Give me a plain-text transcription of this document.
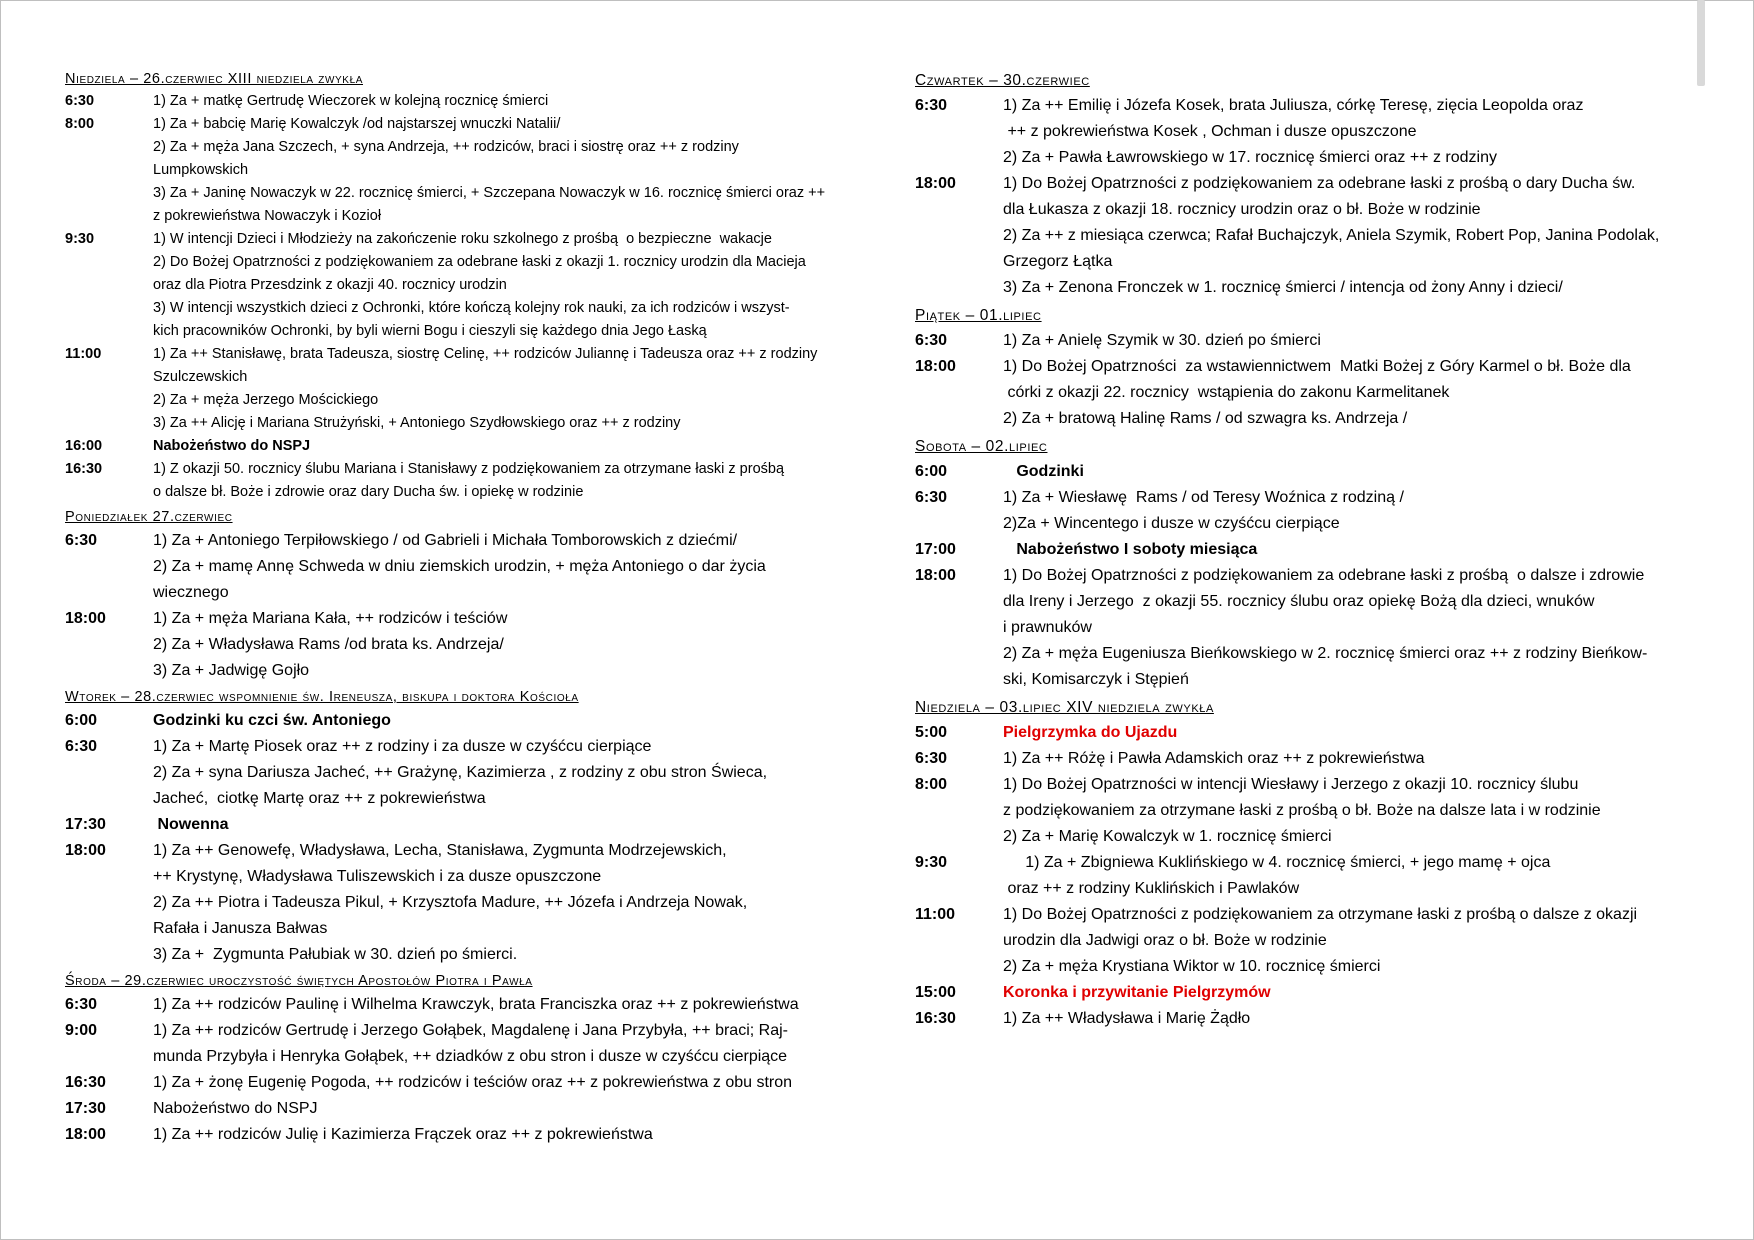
Niedziela – 26.czerwiec XIII niedziela zwykła
6:30	1) Za + matkę Gertrudę Wieczorek w kolejną rocznicę śmierci
8:00	1) Za + babcię Marię Kowalczyk /od najstarszej wnuczki Natalii/
2) Za + męża Jana Szczech, + syna Andrzeja, ++ rodziców, braci i siostrę oraz ++ z rodziny
Lumpkowskich
3) Za + Janinę Nowaczyk w 22. rocznicę śmierci, + Szczepana Nowaczyk w 16. rocznicę śmierci oraz ++
z pokrewieństwa Nowaczyk i Kozioł
9:30	1) W intencji Dzieci i Młodzieży na zakończenie roku szkolnego z prośbą  o bezpieczne  wakacje
2) Do Bożej Opatrzności z podziękowaniem za odebrane łaski z okazji 1. rocznicy urodzin dla Macieja
oraz dla Piotra Przesdzink z okazji 40. rocznicy urodzin
3) W intencji wszystkich dzieci z Ochronki, które kończą kolejny rok nauki, za ich rodziców i wszyst-
kich pracowników Ochronki, by byli wierni Bogu i cieszyli się każdego dnia Jego Łaską
11:00	1) Za ++ Stanisławę, brata Tadeusza, siostrę Celinę, ++ rodziców Juliannę i Tadeusza oraz ++ z rodziny
Szulczewskich
2) Za + męża Jerzego Mościckiego
3) Za ++ Alicję i Mariana Strużyński, + Antoniego Szydłowskiego oraz ++ z rodziny
16:00	Nabożeństwo do NSPJ
16:30	1) Z okazji 50. rocznicy ślubu Mariana i Stanisławy z podziękowaniem za otrzymane łaski z prośbą
o dalsze bł. Boże i zdrowie oraz dary Ducha św. i opiekę w rodzinie
Poniedziałek 27.czerwiec
6:30	1) Za + Antoniego Terpiłowskiego / od Gabrieli i Michała Tomborowskich z dziećmi/
2) Za + mamę Annę Schweda w dniu ziemskich urodzin, + męża Antoniego o dar życia
wiecznego
18:00	1) Za + męża Mariana Kała, ++ rodziców i teściów
2) Za + Władysława Rams /od brata ks. Andrzeja/
3) Za + Jadwigę Gojło
Wtorek – 28.czerwiec wspomnienie św. Ireneusza, biskupa i doktora Kościoła
6:00	Godzinki ku czci św. Antoniego
6:30	1) Za + Martę Piosek oraz ++ z rodziny i za dusze w czyśćcu cierpiące
2) Za + syna Dariusza Jacheć, ++ Grażynę, Kazimierza , z rodziny z obu stron Świeca,
Jacheć,  ciotkę Martę oraz ++ z pokrewieństwa
17:30	Nowenna
18:00	1) Za ++ Genowefę, Władysława, Lecha, Stanisława, Zygmunta Modrzejewskich,
++ Krystynę, Władysława Tuliszewskich i za dusze opuszczone
2) Za ++ Piotra i Tadeusza Pikul, + Krzysztofa Madure, ++ Józefa i Andrzeja Nowak,
Rafała i Janusza Bałwas
3) Za +  Zygmunta Pałubiak w 30. dzień po śmierci.
Środa – 29.czerwiec uroczystość świętych Apostołów Piotra i Pawła
6:30	1) Za ++ rodziców Paulinę i Wilhelma Krawczyk, brata Franciszka oraz ++ z pokrewieństwa
9:00	1) Za ++ rodziców Gertrudę i Jerzego Gołąbek, Magdalenę i Jana Przybyła, ++ braci; Raj-
munda Przybyła i Henryka Gołąbek, ++ dziadków z obu stron i dusze w czyśćcu cierpiące
16:30	1) Za + żonę Eugenię Pogoda, ++ rodziców i teściów oraz ++ z pokrewieństwa z obu stron
17:30	Nabożeństwo do NSPJ
18:00	1) Za ++ rodziców Julię i Kazimierza Frączek oraz ++ z pokrewieństwa
Czwartek – 30.czerwiec
6:30	1) Za ++ Emilię i Józefa Kosek, brata Juliusza, córkę Teresę, zięcia Leopolda oraz
++ z pokrewieństwa Kosek , Ochman i dusze opuszczone
2) Za + Pawła Ławrowskiego w 17. rocznicę śmierci oraz ++ z rodziny
18:00	1) Do Bożej Opatrzności z podziękowaniem za odebrane łaski z prośbą o dary Ducha św.
dla Łukasza z okazji 18. rocznicy urodzin oraz o bł. Boże w rodzinie
2) Za ++ z miesiąca czerwca; Rafał Buchajczyk, Aniela Szymik, Robert Pop, Janina Podolak,
Grzegorz Łątka
3) Za + Zenona Fronczek w 1. rocznicę śmierci / intencja od żony Anny i dzieci/
Piątek – 01.lipiec
6:30	1) Za + Anielę Szymik w 30. dzień po śmierci
18:00	1) Do Bożej Opatrzności  za wstawiennictwem  Matki Bożej z Góry Karmel o bł. Boże dla
córki z okazji 22. rocznicy  wstąpienia do zakonu Karmelitanek
2) Za + bratową Halinę Rams / od szwagra ks. Andrzeja /
Sobota – 02.lipiec
6:00	Godzinki
6:30	1) Za + Wiesławę  Rams / od Teresy Woźnica z rodziną /
2)Za + Wincentego i dusze w czyśćcu cierpiące
17:00	Nabożeństwo I soboty miesiąca
18:00	1) Do Bożej Opatrzności z podziękowaniem za odebrane łaski z prośbą  o dalsze i zdrowie
dla Ireny i Jerzego  z okazji 55. rocznicy ślubu oraz opiekę Bożą dla dzieci, wnuków
i prawnuków
2) Za + męża Eugeniusza Bieńkowskiego w 2. rocznicę śmierci oraz ++ z rodziny Bieńkow-
ski, Komisarczyk i Stępień
Niedziela – 03.lipiec XIV niedziela zwykła
5:00	Pielgrzymka do Ujazdu
6:30	1) Za ++ Różę i Pawła Adamskich oraz ++ z pokrewieństwa
8:00	1) Do Bożej Opatrzności w intencji Wiesławy i Jerzego z okazji 10. rocznicy ślubu
z podziękowaniem za otrzymane łaski z prośbą o bł. Boże na dalsze lata i w rodzinie
2) Za + Marię Kowalczyk w 1. rocznicę śmierci
9:30	1) Za + Zbigniewa Kuklińskiego w 4. rocznicę śmierci, + jego mamę + ojca
oraz ++ z rodziny Kuklińskich i Pawlaków
11:00	1) Do Bożej Opatrzności z podziękowaniem za otrzymane łaski z prośbą o dalsze z okazji
urodzin dla Jadwigi oraz o bł. Boże w rodzinie
2) Za + męża Krystiana Wiktor w 10. rocznicę śmierci
15:00	Koronka i przywitanie Pielgrzymów
16:30	1) Za ++ Władysława i Marię Żądło
